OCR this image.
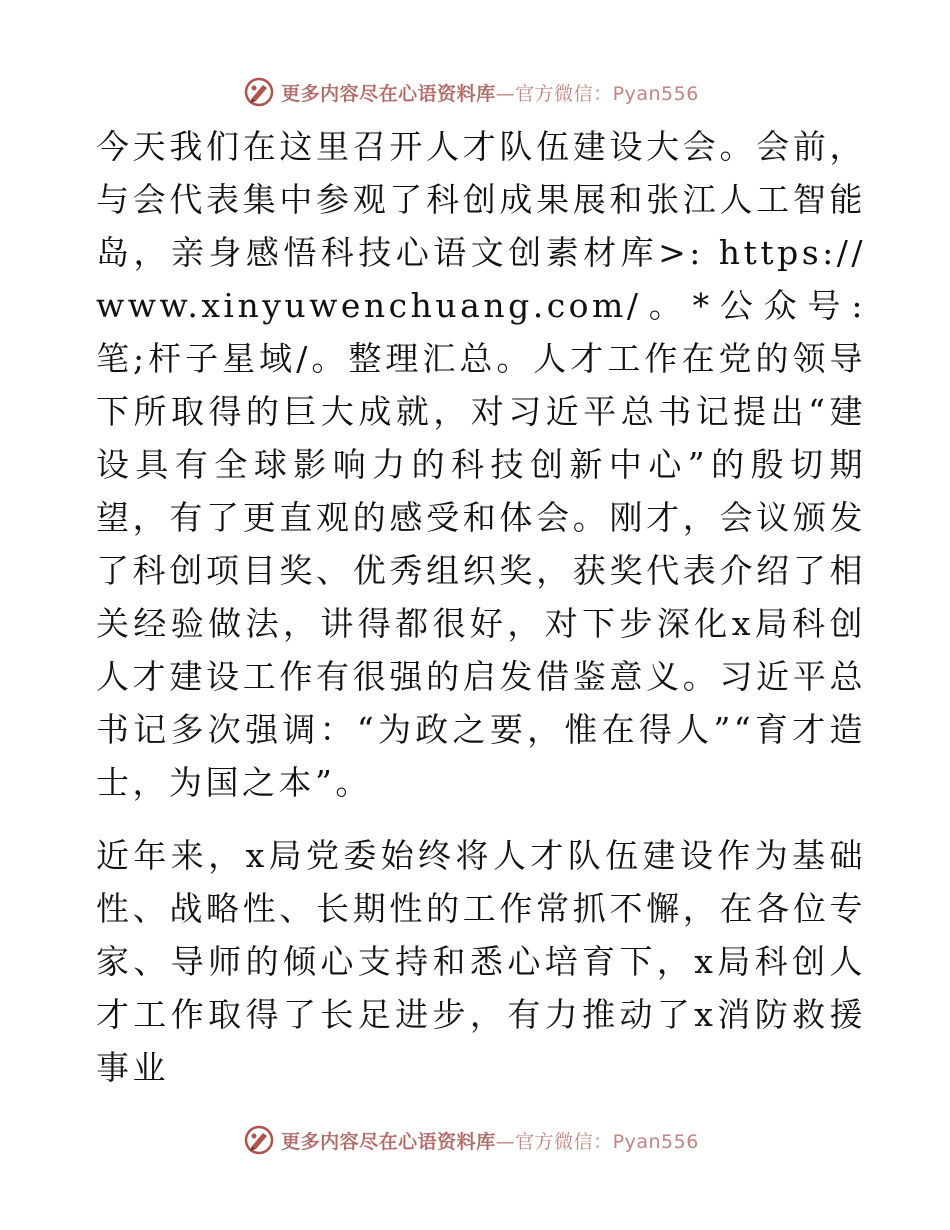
更多内容尽在心语资料库—官方微信：Pyan556

今天我们在这里召开人才队伍建设大会。会前，与会代表集中参观了科创成果展和张江人工智能岛，亲身感悟科技心语文创素材库>: https:// www.xinyuwenchuang.com/。*公众号: 笔;杆子星域/。整理汇总。人才工作在党的领导下所取得的巨大成就，对习近平总书记提出“建设具有全球影响力的科技创新中心”的殷切期望，有了更直观的感受和体会。刚才，会议颁发了科创项目奖、优秀组织奖，获奖代表介绍了相关经验做法，讲得都很好，对下步深化x局科创人才建设工作有很强的启发借鉴意义。习近平总书记多次强调：“为政之要，惟在得人”“育才造士，为国之本”。

近年来，x局党委始终将人才队伍建设作为基础性、战略性、长期性的工作常抓不懈，在各位专家、导师的倾心支持和悉心培育下，x局科创人才工作取得了长足进步，有力推动了x消防救援事业

更多内容尽在心语资料库—官方微信：Pyan556
